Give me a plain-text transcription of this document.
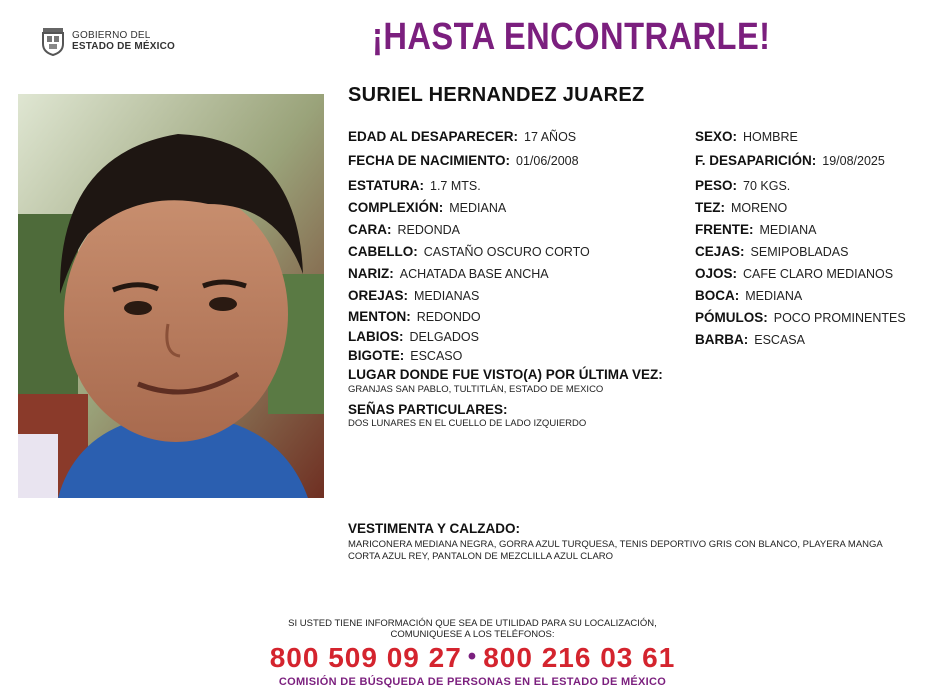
GOBIERNO DEL
ESTADO DE MÉXICO	¡HASTA ENCONTRARLE!
SURIEL HERNANDEZ JUAREZ
EDAD AL DESAPARECER: 17 AÑOS
FECHA DE NACIMIENTO: 01/06/2008
ESTATURA: 1.7 MTS.
COMPLEXIÓN: MEDIANA
CARA: REDONDA
CABELLO: CASTAÑO OSCURO CORTO
NARIZ: ACHATADA BASE ANCHA
OREJAS: MEDIANAS
MENTON: REDONDO
LABIOS: DELGADOS
BIGOTE: ESCASO
SEXO: HOMBRE
F. DESAPARICIÓN: 19/08/2025
PESO: 70 KGS.
TEZ: MORENO
FRENTE: MEDIANA
CEJAS: SEMIPOBLADAS
OJOS: CAFE CLARO MEDIANOS
BOCA: MEDIANA
PÓMULOS: POCO PROMINENTES
BARBA: ESCASA
LUGAR DONDE FUE VISTO(A) POR ÚLTIMA VEZ:
GRANJAS SAN PABLO, TULTITLÁN, ESTADO DE MEXICO
SEÑAS PARTICULARES:
DOS LUNARES EN EL CUELLO DE LADO IZQUIERDO
VESTIMENTA Y CALZADO:
MARICONERA MEDIANA NEGRA, GORRA AZUL TURQUESA, TENIS DEPORTIVO GRIS CON BLANCO, PLAYERA MANGA CORTA AZUL REY, PANTALON DE MEZCLILLA AZUL CLARO
SI USTED TIENE INFORMACIÓN QUE SEA DE UTILIDAD PARA SU LOCALIZACIÓN,
COMUNIQUESE A LOS TELÉFONOS:
800 509 09 27 • 800 216 03 61
COMISIÓN DE BÚSQUEDA DE PERSONAS EN EL ESTADO DE MÉXICO
